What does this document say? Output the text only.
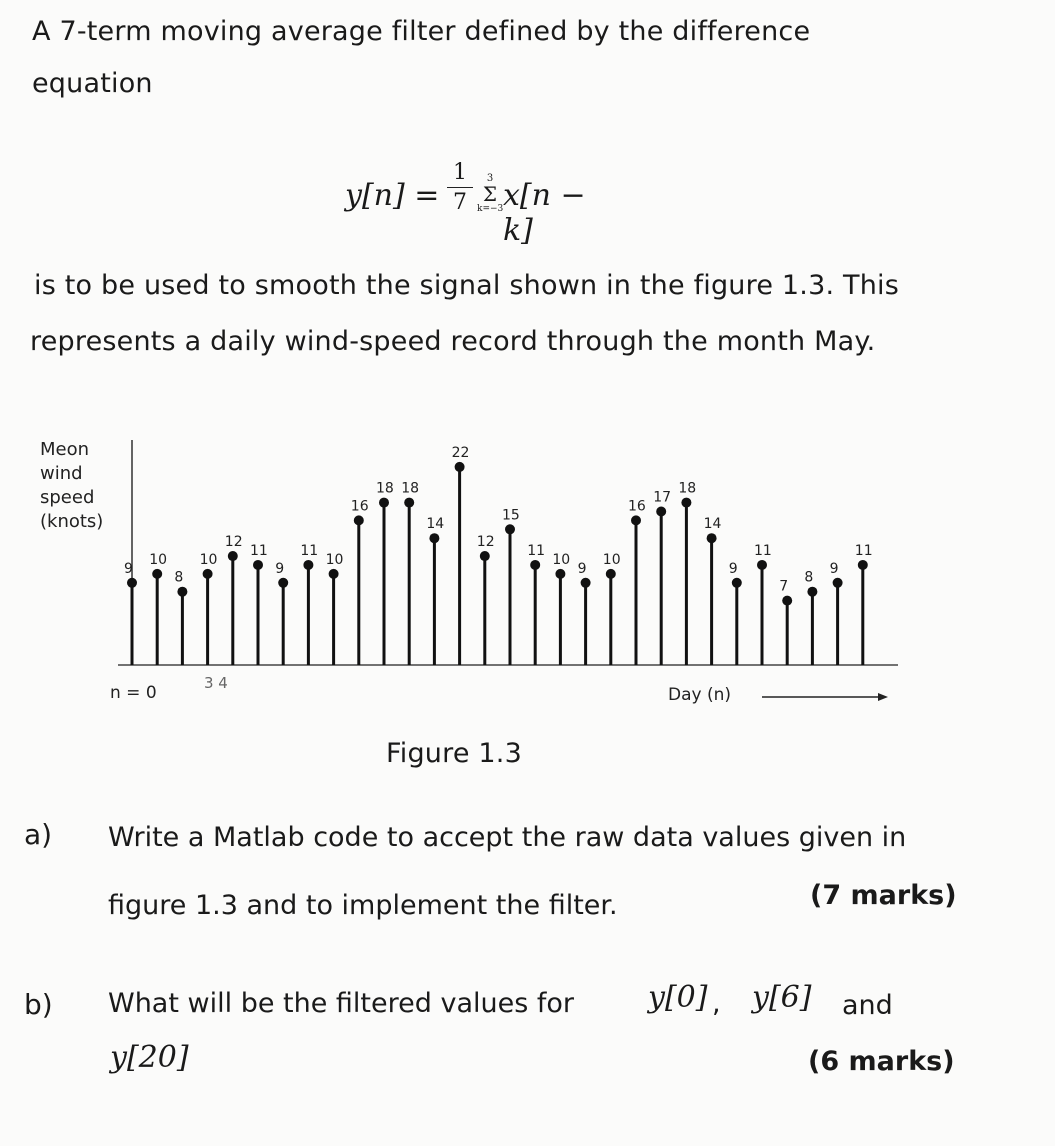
A 7-term moving average filter defined by the difference
equation
y[n] =
1
7
3
Σ
k=−3 x[n − k]
is to be used to smooth the signal shown in the figure 1.3. This
represents a daily wind-speed record through the month May.
Meon
wind
speed
(knots)
9
10
8
10
12
11
9
11
10
16
18 18
14
22
12
15
11
10
9
10
16
17
18
14
9
11
7
8
9
11
n = 0	3 4
Day (n)
Figure 1.3
a) Write a Matlab code to accept the raw data values given in
figure 1.3 and to implement the filter.	(7 marks)
b) What will be the filtered values for y[0] , y[6] and
y[20]	(6 marks)
